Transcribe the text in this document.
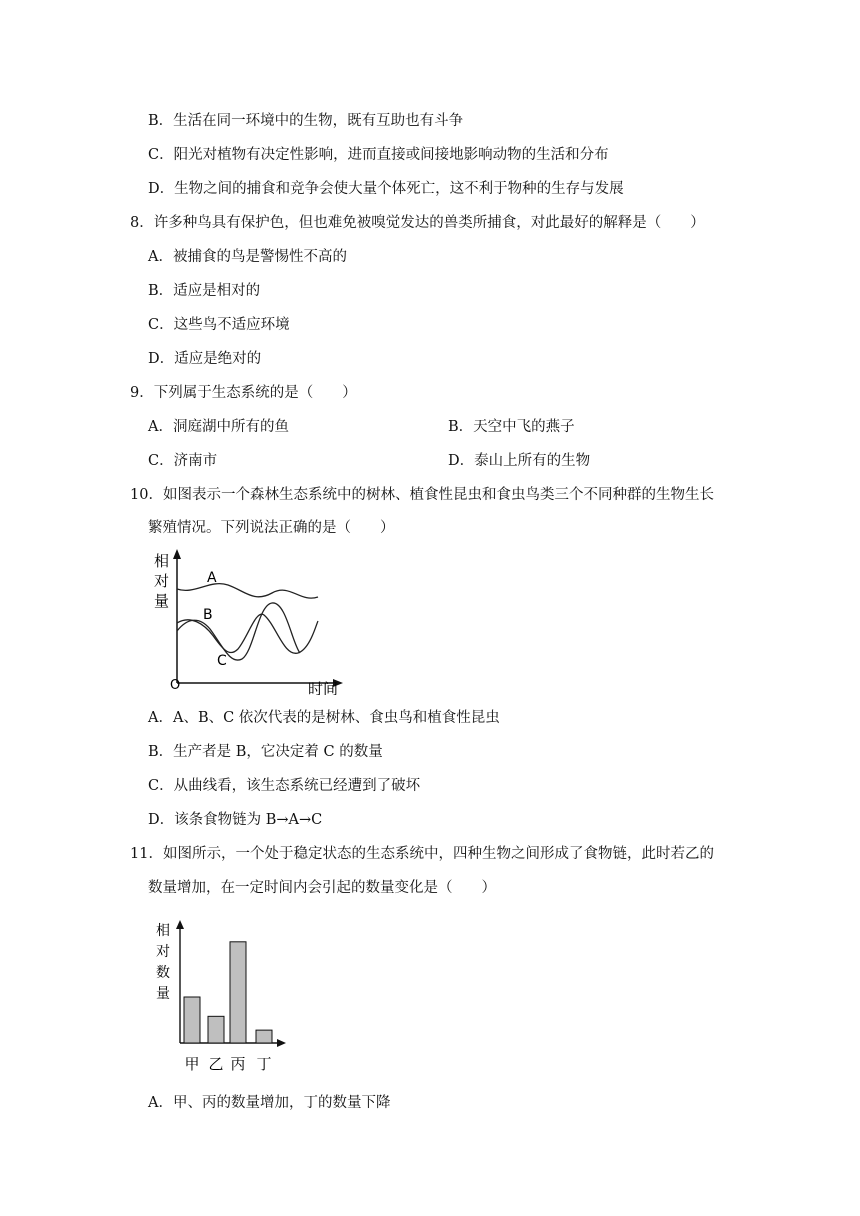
B．生活在同一环境中的生物，既有互助也有斗争
C．阳光对植物有决定性影响，进而直接或间接地影响动物的生活和分布
D．生物之间的捕食和竞争会使大量个体死亡，这不利于物种的生存与发展
8．许多种鸟具有保护色，但也难免被嗅觉发达的兽类所捕食，对此最好的解释是（　　）
A．被捕食的鸟是警惕性不高的
B．适应是相对的
C．这些鸟不适应环境
D．适应是绝对的
9．下列属于生态系统的是（　　）
A．洞庭湖中所有的鱼	B．天空中飞的燕子
C．济南市	D．泰山上所有的生物
10．如图表示一个森林生态系统中的树林、植食性昆虫和食虫鸟类三个不同种群的生物生长
繁殖情况。下列说法正确的是（　　）
相
对
量
O	时间
A
B
C
A．A、B、C 依次代表的是树林、食虫鸟和植食性昆虫
B．生产者是 B，它决定着 C 的数量
C．从曲线看，该生态系统已经遭到了破坏
D．该条食物链为 B→A→C
11．如图所示，一个处于稳定状态的生态系统中，四种生物之间形成了食物链，此时若乙的
数量增加，在一定时间内会引起的数量变化是（　　）
相
对
数
量
甲 乙 丙 丁
A．甲、丙的数量增加，丁的数量下降
